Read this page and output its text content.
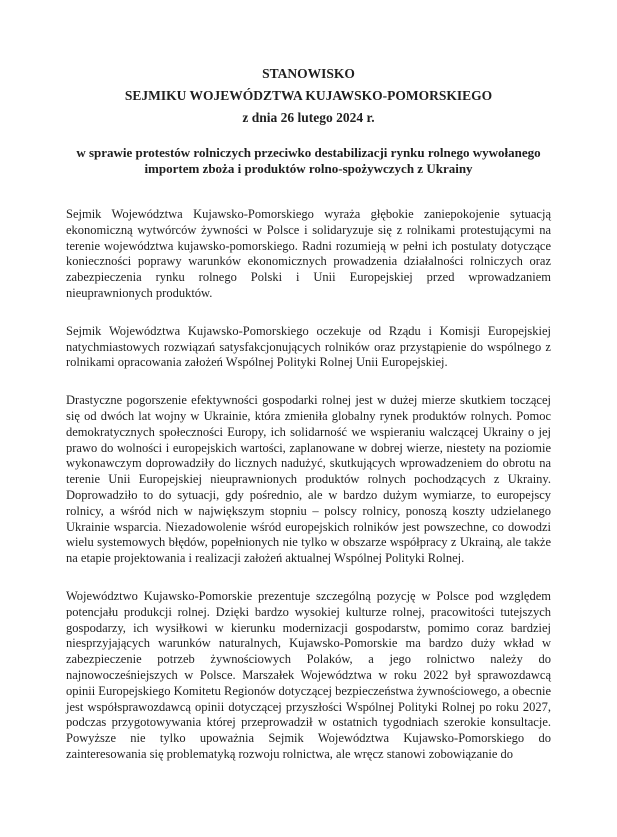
STANOWISKO
SEJMIKU WOJEWÓDZTWA KUJAWSKO-POMORSKIEGO
z dnia 26 lutego 2024 r.
w sprawie protestów rolniczych przeciwko destabilizacji rynku rolnego wywołanego importem zboża i produktów rolno-spożywczych z Ukrainy

Sejmik Województwa Kujawsko-Pomorskiego wyraża głębokie zaniepokojenie sytuacją ekonomiczną wytwórców żywności w Polsce i solidaryzuje się z rolnikami protestującymi na terenie województwa kujawsko-pomorskiego. Radni rozumieją w pełni ich postulaty dotyczące konieczności poprawy warunków ekonomicznych prowadzenia działalności rolniczych oraz zabezpieczenia rynku rolnego Polski i Unii Europejskiej przed wprowadzaniem nieuprawnionych produktów.

Sejmik Województwa Kujawsko-Pomorskiego oczekuje od Rządu i Komisji Europejskiej natychmiastowych rozwiązań satysfakcjonujących rolników oraz przystąpienie do wspólnego z rolnikami opracowania założeń Wspólnej Polityki Rolnej Unii Europejskiej.

Drastyczne pogorszenie efektywności gospodarki rolnej jest w dużej mierze skutkiem toczącej się od dwóch lat wojny w Ukrainie, która zmieniła globalny rynek produktów rolnych. Pomoc demokratycznych społeczności Europy, ich solidarność we wspieraniu walczącej Ukrainy o jej prawo do wolności i europejskich wartości, zaplanowane w dobrej wierze, niestety na poziomie wykonawczym doprowadziły do licznych nadużyć, skutkujących wprowadzeniem do obrotu na terenie Unii Europejskiej nieuprawnionych produktów rolnych pochodzących z Ukrainy. Doprowadziło to do sytuacji, gdy pośrednio, ale w bardzo dużym wymiarze, to europejscy rolnicy, a wśród nich w największym stopniu – polscy rolnicy, ponoszą koszty udzielanego Ukrainie wsparcia. Niezadowolenie wśród europejskich rolników jest powszechne, co dowodzi wielu systemowych błędów, popełnionych nie tylko w obszarze współpracy z Ukrainą, ale także na etapie projektowania i realizacji założeń aktualnej Wspólnej Polityki Rolnej.

Województwo Kujawsko-Pomorskie prezentuje szczególną pozycję w Polsce pod względem potencjału produkcji rolnej. Dzięki bardzo wysokiej kulturze rolnej, pracowitości tutejszych gospodarzy, ich wysiłkowi w kierunku modernizacji gospodarstw, pomimo coraz bardziej niesprzyjających warunków naturalnych, Kujawsko-Pomorskie ma bardzo duży wkład w zabezpieczenie potrzeb żywnościowych Polaków, a jego rolnictwo należy do najnowocześniejszych w Polsce. Marszałek Województwa w roku 2022 był sprawozdawcą opinii Europejskiego Komitetu Regionów dotyczącej bezpieczeństwa żywnościowego, a obecnie jest współsprawozdawcą opinii dotyczącej przyszłości Wspólnej Polityki Rolnej po roku 2027, podczas przygotowywania której przeprowadził w ostatnich tygodniach szerokie konsultacje. Powyższe nie tylko upoważnia Sejmik Województwa Kujawsko-Pomorskiego do zainteresowania się problematyką rozwoju rolnictwa, ale wręcz stanowi zobowiązanie do
